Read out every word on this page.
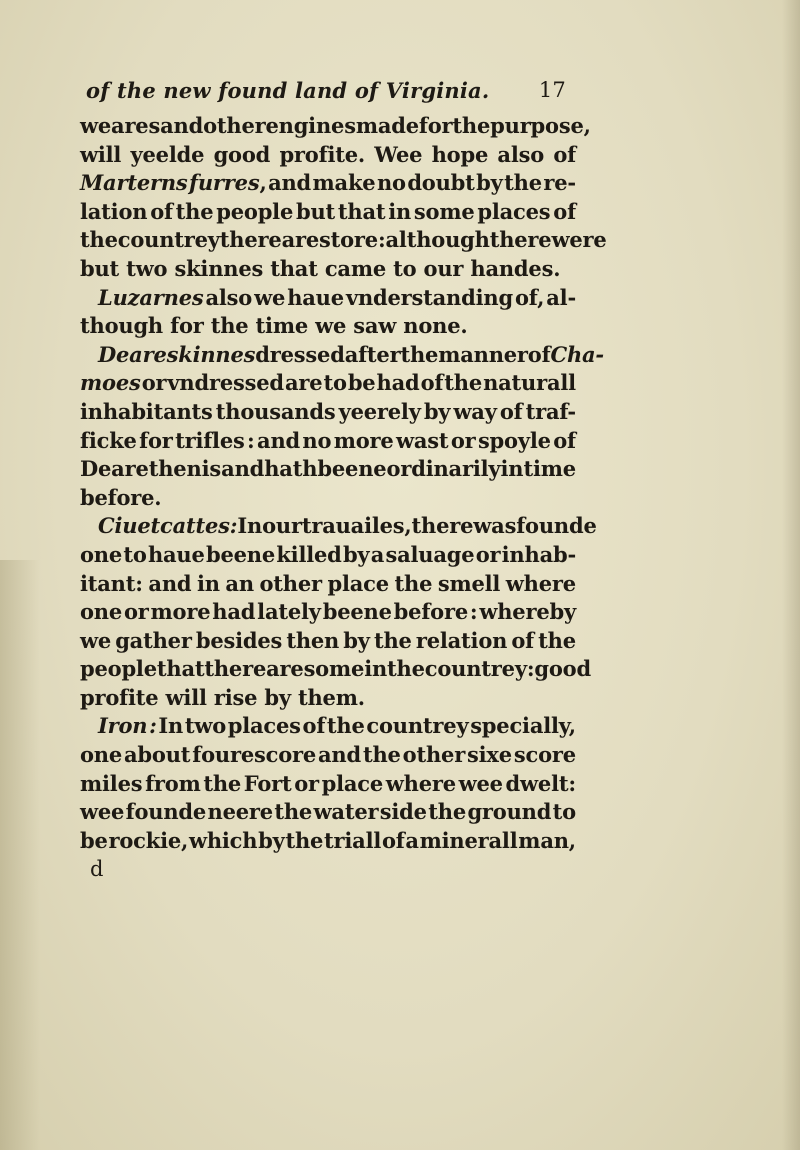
of the new found land of Virginia. 17
weares and other engines made for the purpose,
will yeelde good profite. Wee hope also of
Marterns furres, and make no doubt by the re-
lation of the people but that in some places of
the countrey there are store: although there were
but two skinnes that came to our handes.
Luzarnes also we haue vnderstanding of, al-
though for the time we saw none.
Deare skinnes dressed after the manner ofCha-
moes or vndressed are to be had of the naturall
inhabitants thousands yeerely by way of traf-
ficke for trifles : and no more wast or spoyle of
Deare then is and hath beene ordinarily in time
before.
Ciuet cattes: In our trauailes, there was founde
one to haue beene killed by a saluage or inhab-
itant: and in an other place the smell where
one or more had lately beene before : whereby
we gather besides then by the relation of the
people that there are some in the countrey: good
profite will rise by them.
Iron : In two places of the countrey specially,
one about fourescore and the other sixe score
miles from the Fort or place where wee dwelt:
wee founde neere the water side the ground to
be rockie, which by the triall of a minerall man,
d
